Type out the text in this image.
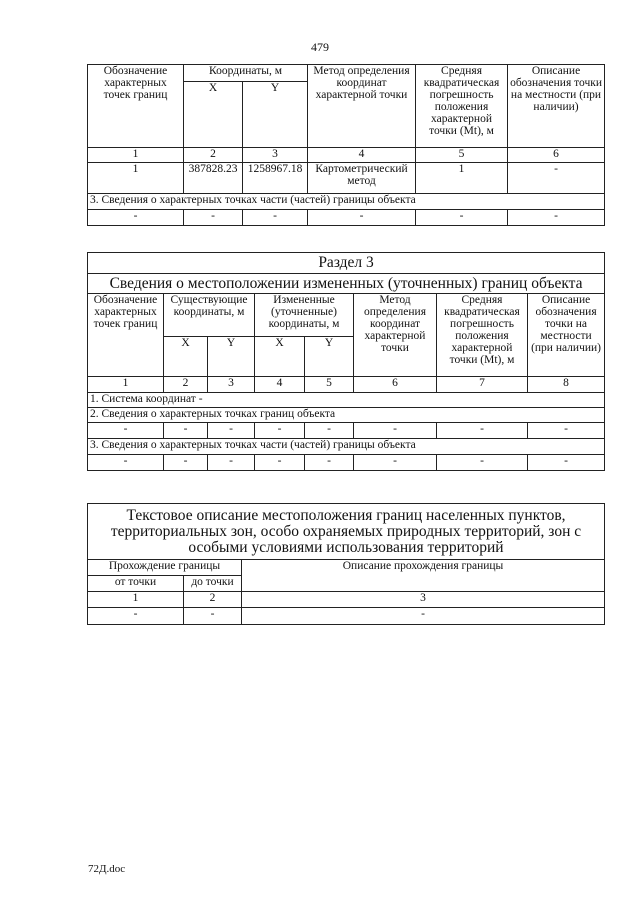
479
Обозначение характерных точек границ	Координаты, м		Метод определения координат характерной точки	Средняя квадратическая погрешность положения характерной точки (Mt), м	Описание обозначения точки на местности (при наличии)
	X	Y			
1	2	3	4	5	6
1	387828.23	1258967.18	Картометрический метод	1	-
3. Сведения о характерных точках части (частей) границы объекта					
-	-	-	-	-	-
Раздел 3							
Сведения о местоположении измененных (уточненных) границ объекта							
Обозначение характерных точек границ	Существующие координаты, м		Измененные (уточненные) координаты, м		Метод определения координат характерной точки	Средняя квадратическая погрешность положения характерной точки (Mt), м	Описание обозначения точки на местности (при наличии)
	X	Y	X	Y			
1	2	3	4	5	6	7	8
1. Система координат -							
2. Сведения о характерных точках границ объекта							
-	-	-	-	-	-	-	-
3. Сведения о характерных точках части (частей) границы объекта							
-	-	-	-	-	-	-	-
Текстовое описание местоположения границ населенных пунктов, территориальных зон, особо охраняемых природных территорий, зон с особыми условиями использования территорий		
Прохождение границы		Описание прохождения границы
от точки	до точки	
1	2	3
-	-	-
72Д.doc
